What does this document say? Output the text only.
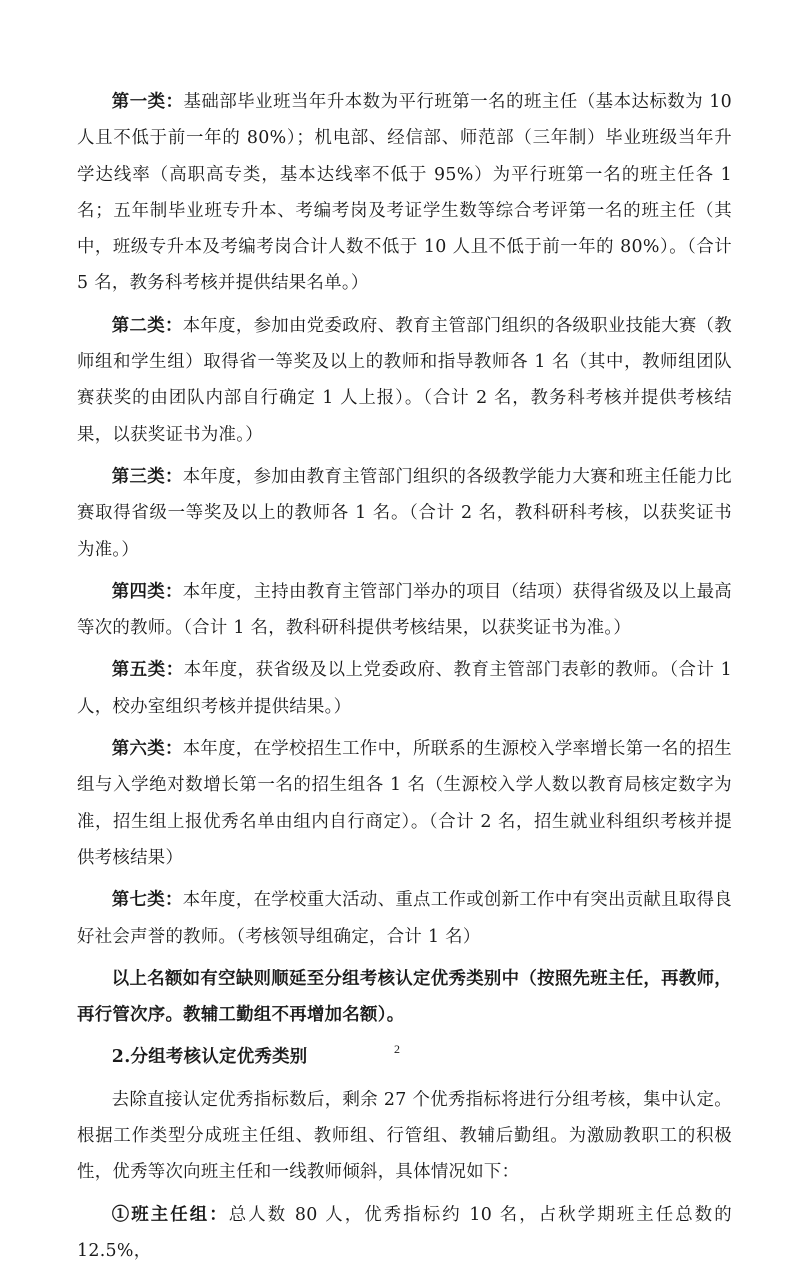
第一类：基础部毕业班当年升本数为平行班第一名的班主任（基本达标数为 10 人且不低于前一年的 80%）；机电部、经信部、师范部（三年制）毕业班级当年升学达线率（高职高专类，基本达线率不低于 95%）为平行班第一名的班主任各 1 名；五年制毕业班专升本、考编考岗及考证学生数等综合考评第一名的班主任（其中，班级专升本及考编考岗合计人数不低于 10 人且不低于前一年的 80%）。（合计 5 名，教务科考核并提供结果名单。）

第二类：本年度，参加由党委政府、教育主管部门组织的各级职业技能大赛（教师组和学生组）取得省一等奖及以上的教师和指导教师各 1 名（其中，教师组团队赛获奖的由团队内部自行确定 1 人上报）。（合计 2 名，教务科考核并提供考核结果，以获奖证书为准。）

第三类：本年度，参加由教育主管部门组织的各级教学能力大赛和班主任能力比赛取得省级一等奖及以上的教师各 1 名。（合计 2 名，教科研科考核，以获奖证书为准。）

第四类：本年度，主持由教育主管部门举办的项目（结项）获得省级及以上最高等次的教师。（合计 1 名，教科研科提供考核结果，以获奖证书为准。）

第五类：本年度，获省级及以上党委政府、教育主管部门表彰的教师。（合计 1 人，校办室组织考核并提供结果。）

第六类：本年度，在学校招生工作中，所联系的生源校入学率增长第一名的招生组与入学绝对数增长第一名的招生组各 1 名（生源校入学人数以教育局核定数字为准，招生组上报优秀名单由组内自行商定）。（合计 2 名，招生就业科组织考核并提供考核结果）

第七类：本年度，在学校重大活动、重点工作或创新工作中有突出贡献且取得良好社会声誉的教师。（考核领导组确定，合计 1 名）

以上名额如有空缺则顺延至分组考核认定优秀类别中（按照先班主任，再教师，再行管次序。教辅工勤组不再增加名额）。

2.分组考核认定优秀类别

去除直接认定优秀指标数后，剩余 27 个优秀指标将进行分组考核，集中认定。根据工作类型分成班主任组、教师组、行管组、教辅后勤组。为激励教职工的积极性，优秀等次向班主任和一线教师倾斜，具体情况如下：

①班主任组：总人数 80 人，优秀指标约 10 名，占秋学期班主任总数的 12.5%，

2
